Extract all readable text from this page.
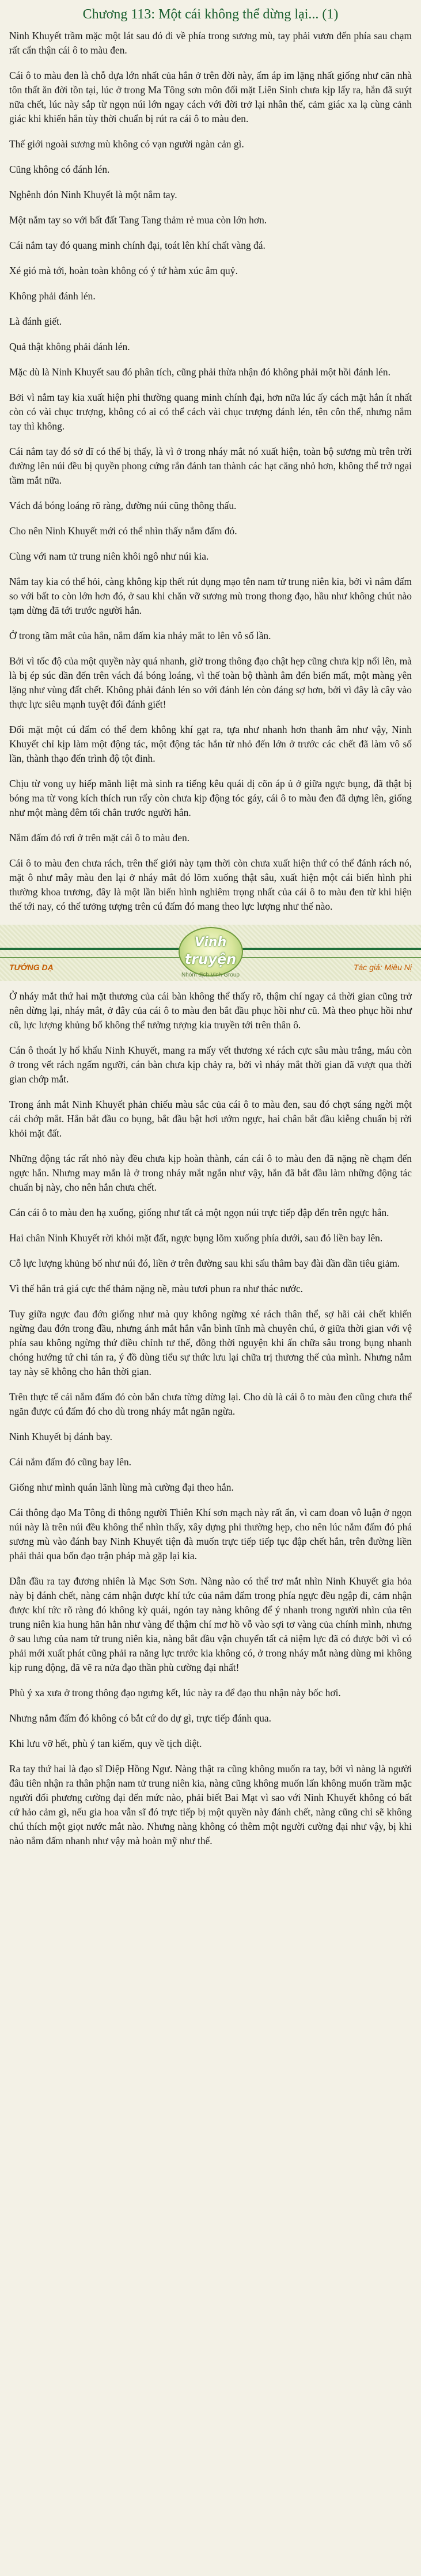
Chương 113: Một cái không thể dừng lại... (1)

Ninh Khuyết trầm mặc một lát sau đó đi về phía trong sương mù, tay phải vươn đến phía sau chạm rất cẩn thận cái ô to màu đen.

Cái ô to màu đen là chỗ dựa lớn nhất của hắn ở trên đời này, ấm áp im lặng nhất giống như căn nhà tôn thất ăn đời tồn tại, lúc ở trong Ma Tông sơn môn đối mặt Liên Sinh chưa kịp lấy ra, hắn đã suýt nữa chết, lúc này sắp từ ngọn núi lớn ngay cách với đời trở lại nhân thế, cảm giác xa lạ cùng cảnh giác khi khiến hắn tùy thời chuẩn bị rút ra cái ô to màu đen.

Thế giới ngoài sương mù không có vạn người ngàn cản gì.

Cũng không có đánh lén.

Nghênh đón Ninh Khuyết là một nắm tay.

Một nắm tay so với bất đất Tang Tang thảm rẻ mua còn lớn hơn.

Cái nắm tay đó quang minh chính đại, toát lên khí chất vàng đá.

Xé gió mà tới, hoàn toàn không có ý tứ hàm xúc âm quỷ.

Không phải đánh lén.

Là đánh giết.

Quả thật không phải đánh lén.

Mặc dù là Ninh Khuyết sau đó phân tích, cũng phải thừa nhận đó không phải một hồi đánh lén.

Bởi vì nắm tay kia xuất hiện phi thường quang minh chính đại, hơn nữa lúc ấy cách mặt hắn ít nhất còn có vài chục trượng, không có ai có thể cách vài chục trượng đánh lén, tên côn thể, nhưng nắm tay thì không.

Cái nắm tay đó sở dĩ có thể bị thấy, là vì ở trong nháy mắt nó xuất hiện, toàn bộ sương mù trên trời đường lên núi đều bị quyền phong cứng rắn đánh tan thành các hạt căng nhỏ hơn, không thể trở ngại tầm mắt nữa.

Vách đá bóng loáng rõ ràng, đường núi cũng thông thấu.

Cho nên Ninh Khuyết mới có thể nhìn thấy nắm đấm đó.

Cùng với nam tử trung niên khôi ngô như núi kia.

Nắm tay kia có thể hỏi, càng không kịp thết rút dụng mạo tên nam tử trung niên kia, bởi vì nắm đấm so với bất to còn lớn hơn đó, ở sau khi chăn vỡ sương mù trong thong đạo, hầu như không chút nào tạm dừng đã tới trước người hắn.

Ở trong tầm mắt của hắn, nắm đấm kia nháy mắt to lên vô số lần.

Bởi vì tốc độ của một quyền này quá nhanh, giờ trong thông đạo chật hẹp cũng chưa kịp nổi lên, mà là bị ép súc dần đến trên vách đá bóng loáng, vì thế toàn bộ thành âm đến biến mất, một màng yên lặng như vùng đất chết. Không phải đánh lén so với đánh lén còn đáng sợ hơn, bởi vì đây là cây vào thực lực siêu mạnh tuyệt đối đánh giết!

Đối mặt một cú đấm có thể đem không khí gạt ra, tựa như nhanh hơn thanh âm như vậy, Ninh Khuyết chỉ kịp làm một động tác, một động tác hắn từ nhỏ đến lớn ở trước các chết đã làm vô số lần, thành thạo đến trình độ tột đỉnh.

Chịu từ vong uy hiếp mãnh liệt mà sinh ra tiếng kêu quái dị cõn áp ủ ở giữa ngực bụng, đã thật bị bóng ma từ vong kích thích run rẩy còn chưa kịp động tóc gáy, cái ô to màu đen đã dựng lên, giống như một màng đêm tối chắn trước người hắn.

Nắm đấm đó rơi ở trên mặt cái ô to màu đen.

Cái ô to màu đen chưa rách, trên thế giới này tạm thời còn chưa xuất hiện thứ có thể đánh rách nó, mặt ô như mây màu đen lại ở nháy mắt đó lõm xuống thật sâu, xuất hiện một cái biến hình phi thường khoa trương, đây là một lần biến hình nghiêm trọng nhất của cái ô to màu đen từ khi hiện thế tới nay, có thể tưởng tượng trên cú đấm đó mang theo lực lượng như thế nào.

Vinh
truyện
TƯỚNG DẠ	Tác giả: Miêu Nị
Nhóm dịch Vinh Group

Ở nháy mắt thứ hai mặt thương của cái bàn không thể thấy rõ, thậm chí ngay cả thời gian cũng trở nên dừng lại, nháy mắt, ở đây của cái ô to màu đen bắt đầu phục hồi như cũ. Mà theo phục hồi như cũ, lực lượng khủng bố không thể tưởng tượng kia truyền tới trên thân ô.

Cán ô thoát ly hổ khẩu Ninh Khuyết, mang ra mấy vết thương xé rách cực sâu màu trắng, máu còn ở trong vết rách ngấm ngưỡi, cán bàn chưa kịp chảy ra, bởi vì nháy mắt thời gian đã vượt qua thời gian chớp mắt.

Trong ánh mắt Ninh Khuyết phản chiếu màu sắc của cái ô to màu đen, sau đó chợt sáng ngời một cái chớp mắt. Hắn bắt đầu co bụng, bắt đầu bật hơi ướm ngực, hai chân bắt đầu kiễng chuẩn bị rời khỏi mặt đất.

Những động tác rất nhỏ này đều chưa kịp hoàn thành, cán cái ô to màu đen đã nặng nề chạm đến ngực hắn. Nhưng may mắn là ở trong nháy mắt ngắn như vậy, hắn đã bắt đầu làm những động tác chuẩn bị này, cho nên hắn chưa chết.

Cán cái ô to màu đen hạ xuống, giống như tất cả một ngọn núi trực tiếp đập đến trên ngực hắn.

Hai chân Ninh Khuyết rời khỏi mặt đất, ngực bụng lõm xuống phía dưới, sau đó liền bay lên.

Cỗ lực lượng khủng bố như núi đó, liền ở trên đường sau khi sấu thâm bay đài dần dần tiêu giảm.

Vì thế hắn trả giá cực thế thảm nặng nề, màu tươi phun ra như thác nước.

Tuy giữa ngực đau đớn giống như mà quy không ngừng xé rách thân thể, sợ hãi cải chết khiến ngừng đau đớn trong đầu, nhưng ánh mắt hắn vẫn bình tĩnh mà chuyên chú, ở giữa thời gian với vệ phía sau không ngừng thứ điều chỉnh tư thế, đồng thời nguyện khi ấn chữa sâu trong bụng nhanh chóng hướng tứ chi tán ra, ý đồ dùng tiểu sự thức lưu lại chữa trị thương thế của mình. Nhưng nắm tay này sẽ không cho hắn thời gian.

Trên thực tế cái nắm đấm đó còn bắn chưa từng dừng lại. Cho dù là cái ô to màu đen cũng chưa thể ngăn được cú đấm đó cho dù trong nháy mắt ngăn ngừa.

Ninh Khuyết bị đánh bay.

Cái nắm đấm đó cũng bay lên.

Giống như mình quán lãnh lùng mà cường đại theo hắn.

Cái thông đạo Ma Tông đi thông người Thiên Khí sơn mạch này rất ẩn, vì cam đoan vô luận ở ngọn núi này là trên núi đều không thể nhìn thấy, xây dựng phi thường hẹp, cho nên lúc nắm đấm đó phá sương mù vào đánh bay Ninh Khuyết tiện đà muốn trực tiếp tiếp tục đập chết hắn, trên đường liền phải thải qua bốn đạo trận pháp mà gặp lại kia.

Dẫn đầu ra tay đương nhiên là Mạc Sơn Sơn. Nàng nào có thể trơ mắt nhìn Ninh Khuyết gia hỏa này bị đánh chết, nàng cảm nhận được khí tức của nắm đấm trong phía ngực đều ngập đi, cảm nhận được khí tức rõ ràng đó không kỳ quái, ngón tay nàng không để ý nhanh trong người nhìn của tên trung niên kia hung hăn hẳn như vàng để thậm chí mơ hồ vỗ vào sợi tơ vàng của chính mình, nhưng ở sau lưng của nam tử trung niên kia, nàng bắt đầu vận chuyển tất cả niệm lực đã có được bởi vì có phải mới xuất phát cũng phải ra năng lực trước kia không có, ở trong nháy mắt nàng dùng mi không kịp rung động, đã vẽ ra nửa đạo thần phù cường đại nhất!

Phù ý xa xưa ở trong thông đạo ngưng kết, lúc này ra để đạo thu nhận này bốc hơi.

Nhưng nắm đấm đó không có bắt cứ do dự gì, trực tiếp đánh qua.

Khi lưu vỡ hết, phù ý tan kiếm, quy về tịch diệt.

Ra tay thứ hai là đạo sĩ Diệp Hồng Ngư. Nàng thật ra cũng không muốn ra tay, bởi vì nàng là người đâu tiên nhận ra thân phận nam tử trung niên kia, nàng cũng không muốn lấn không muốn trầm mặc người đối phương cường đại đến mức nào, phải biết Bai Mạt vì sao với Ninh Khuyết không có bất cứ hảo cảm gì, nếu gia hoa vẫn sĩ đó trực tiếp bị một quyền này đánh chết, nàng cũng chỉ sẽ không chú thích một giọt nước mắt nào. Nhưng nàng không có thêm một người cường đại như vậy, bị khi nào nắm đấm nhanh như vậy mà hoàn mỹ như thế.
